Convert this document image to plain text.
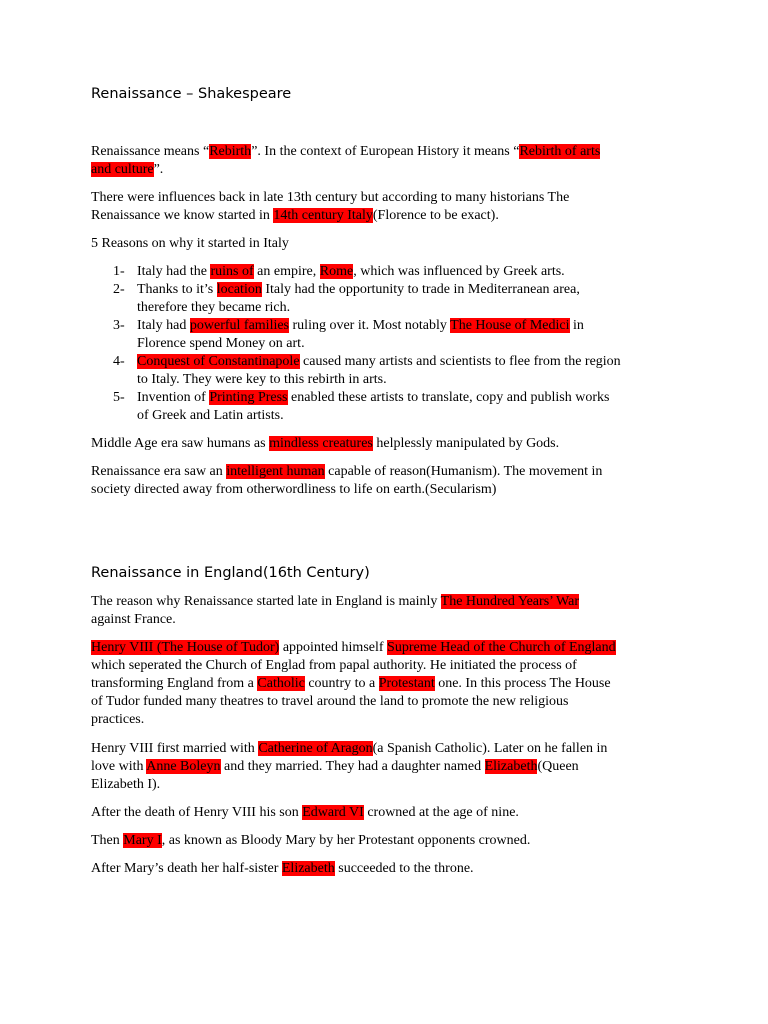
Renaissance – Shakespeare
Renaissance means “Rebirth”. In the context of European History it means “Rebirth of arts
and culture”.
There were influences back in late 13th century but according to many historians The
Renaissance we know started in 14th century Italy(Florence to be exact).
5 Reasons on why it started in Italy
1- Italy had the ruins of an empire, Rome, which was influenced by Greek arts.
2- Thanks to it’s location Italy had the opportunity to trade in Mediterranean area,
therefore they became rich.
3- Italy had powerful families ruling over it. Most notably The House of Medici in
Florence spend Money on art.
4- Conquest of Constantinapole caused many artists and scientists to flee from the region
to Italy. They were key to this rebirth in arts.
5- Invention of Printing Press enabled these artists to translate, copy and publish works
of Greek and Latin artists.
Middle Age era saw humans as mindless creatures helplessly manipulated by Gods.
Renaissance era saw an intelligent human capable of reason(Humanism). The movement in
society directed away from otherwordliness to life on earth.(Secularism)
Renaissance in England(16th Century)
The reason why Renaissance started late in England is mainly The Hundred Years’ War
against France.
Henry VIII (The House of Tudor) appointed himself Supreme Head of the Church of England
which seperated the Church of Englad from papal authority. He initiated the process of
transforming England from a Catholic country to a Protestant one. In this process The House
of Tudor funded many theatres to travel around the land to promote the new religious
practices.
Henry VIII first married with Catherine of Aragon(a Spanish Catholic). Later on he fallen in
love with Anne Boleyn and they married. They had a daughter named Elizabeth(Queen
Elizabeth I).
After the death of Henry VIII his son Edward VI crowned at the age of nine.
Then Mary I, as known as Bloody Mary by her Protestant opponents crowned.
After Mary’s death her half-sister Elizabeth succeeded to the throne.
